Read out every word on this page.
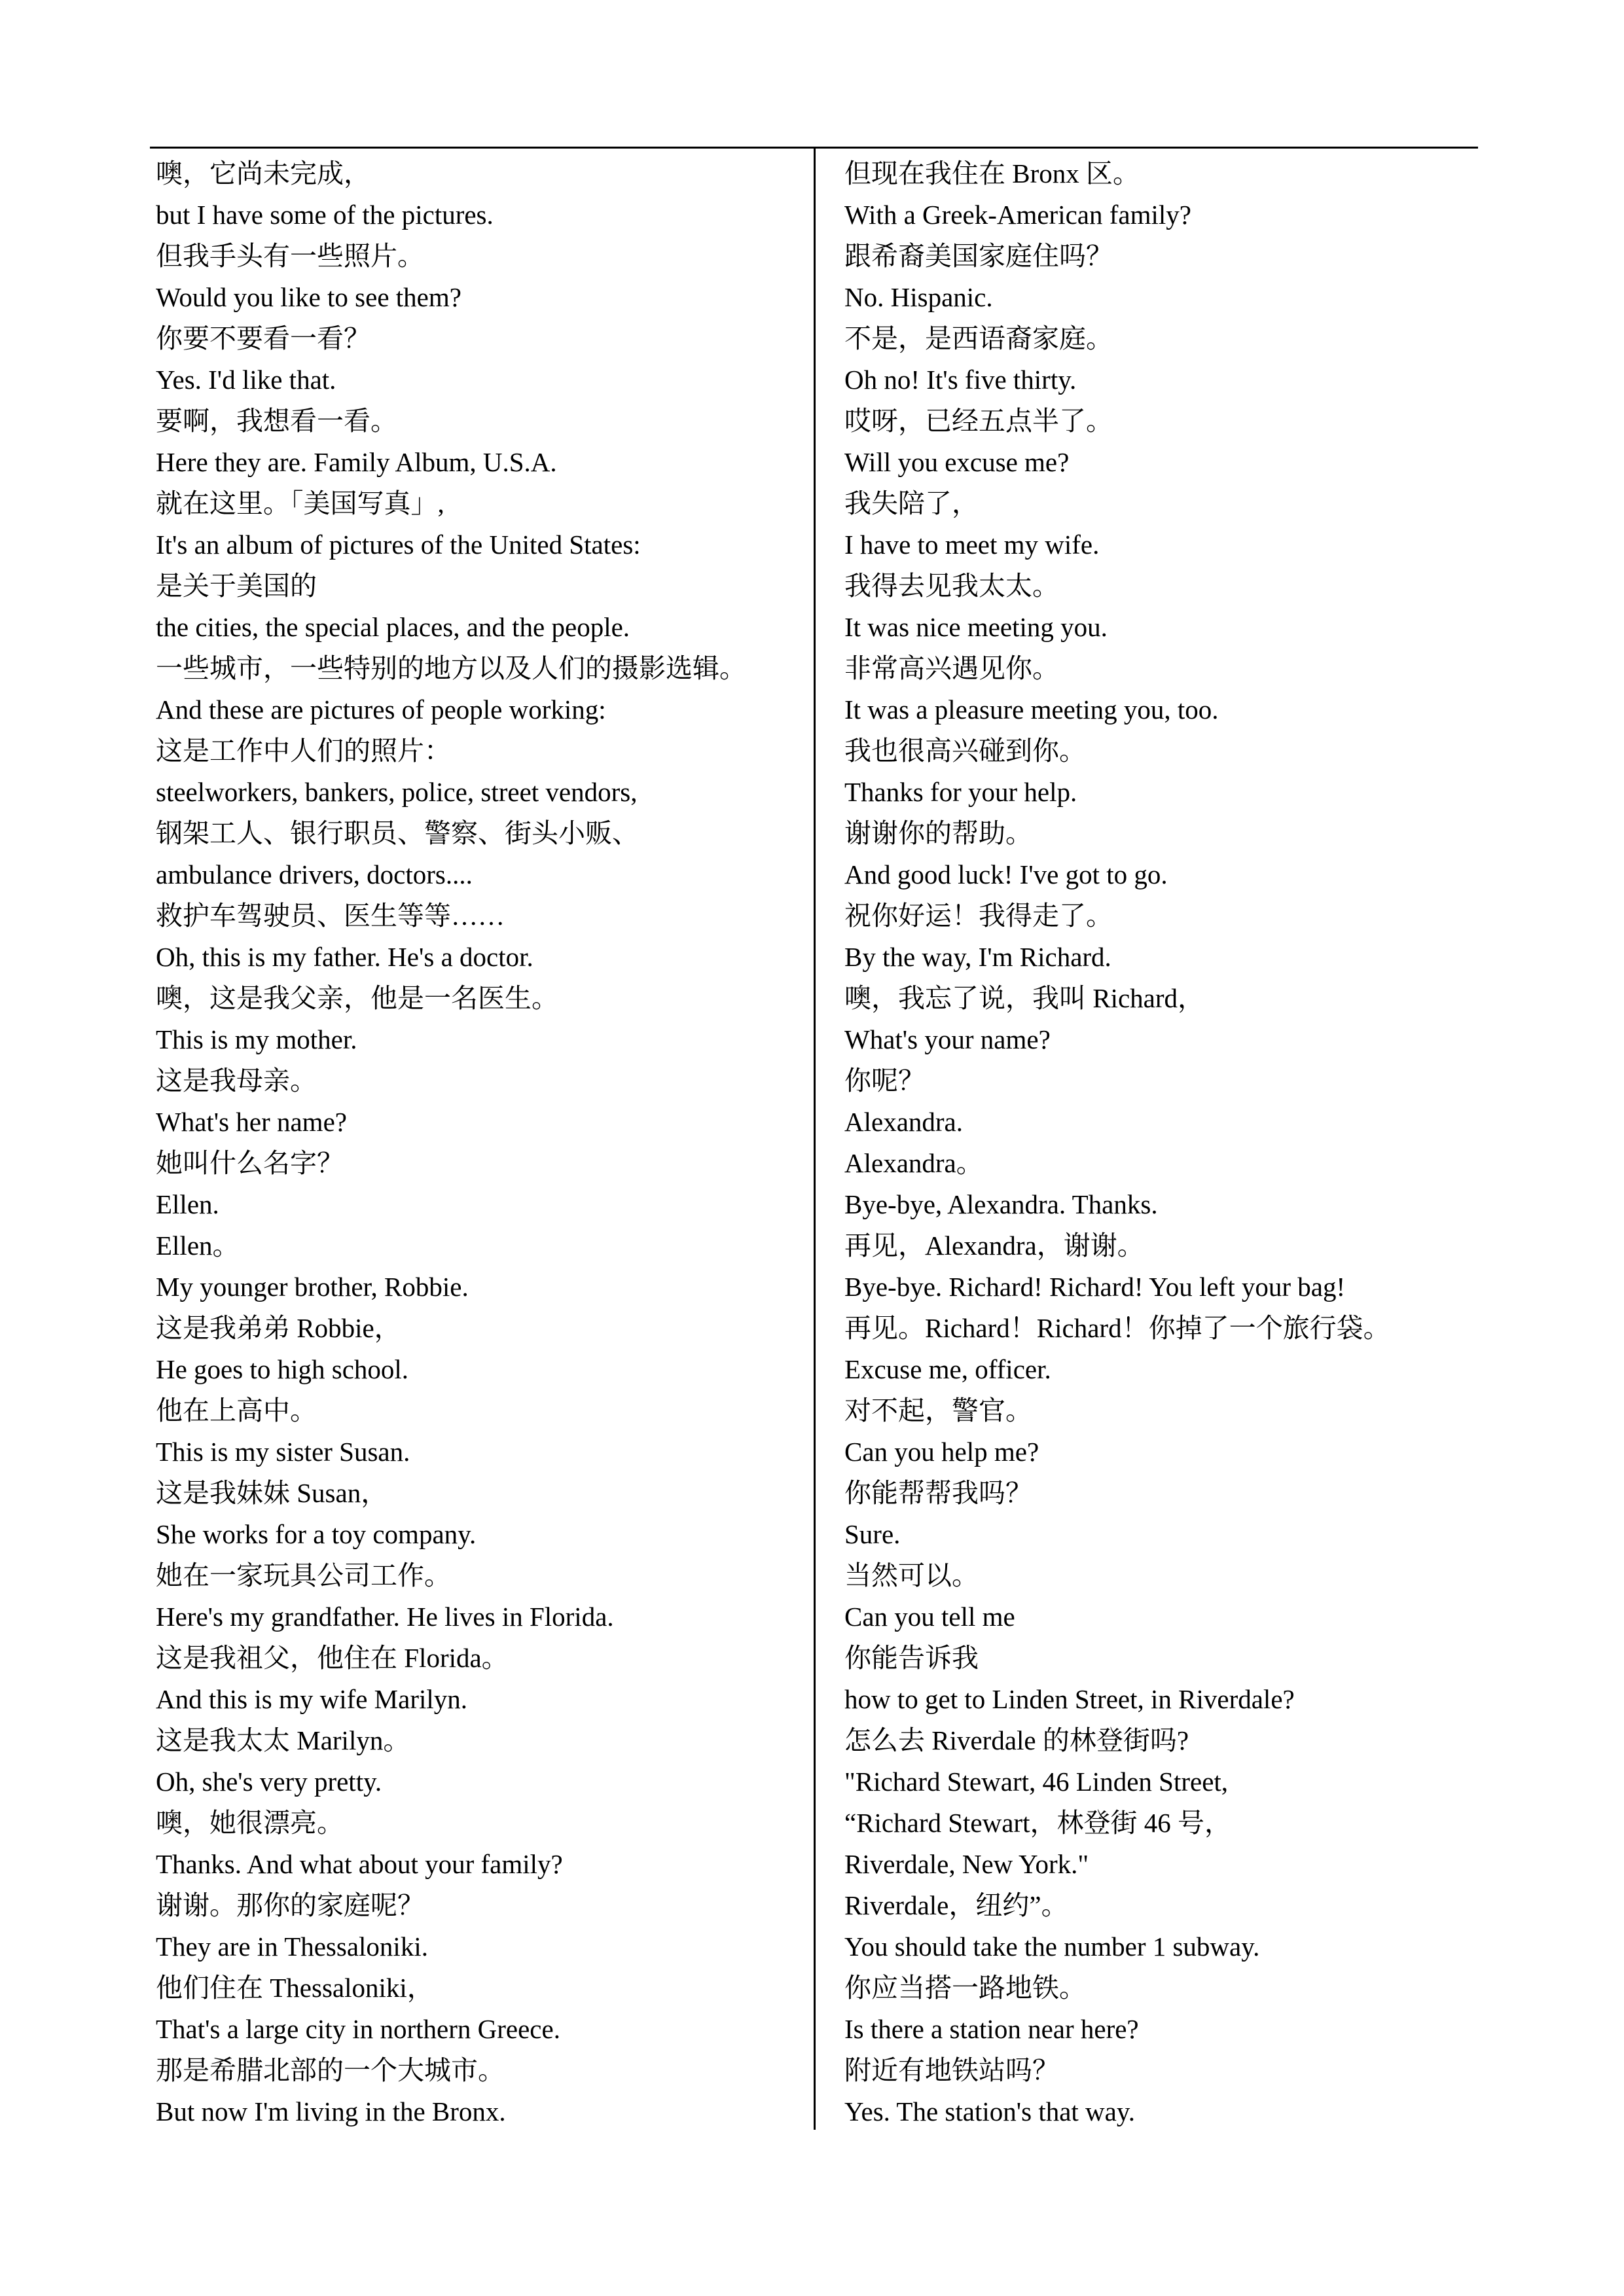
噢，它尚未完成，
but I have some of the pictures.
但我手头有一些照片。
Would you like to see them?
你要不要看一看？
Yes. I'd like that.
要啊，我想看一看。
Here they are. Family Album, U.S.A.
就在这里。「美国写真」,
It's an album of pictures of the United States:
是关于美国的
the cities, the special places, and the people.
一些城市，一些特别的地方以及人们的摄影选辑。
And these are pictures of people working:
这是工作中人们的照片：
steelworkers, bankers, police, street vendors,
钢架工人、银行职员、警察、街头小贩、
ambulance drivers, doctors....
救护车驾驶员、医生等等……
Oh, this is my father. He's a doctor.
噢，这是我父亲，他是一名医生。
This is my mother.
这是我母亲。
What's her name?
她叫什么名字？
Ellen.
Ellen。
My younger brother, Robbie.
这是我弟弟 Robbie，
He goes to high school.
他在上高中。
This is my sister Susan.
这是我妹妹 Susan，
She works for a toy company.
她在一家玩具公司工作。
Here's my grandfather. He lives in Florida.
这是我祖父，他住在 Florida。
And this is my wife Marilyn.
这是我太太 Marilyn。
Oh, she's very pretty.
噢，她很漂亮。
Thanks. And what about your family?
谢谢。那你的家庭呢？
They are in Thessaloniki.
他们住在 Thessaloniki，
That's a large city in northern Greece.
那是希腊北部的一个大城市。
But now I'm living in the Bronx.
但现在我住在 Bronx 区。
With a Greek-American family?
跟希裔美国家庭住吗？
No. Hispanic.
不是，是西语裔家庭。
Oh no! It's five thirty.
哎呀，已经五点半了。
Will you excuse me?
我失陪了，
I have to meet my wife.
我得去见我太太。
It was nice meeting you.
非常高兴遇见你。
It was a pleasure meeting you, too.
我也很高兴碰到你。
Thanks for your help.
谢谢你的帮助。
And good luck! I've got to go.
祝你好运！我得走了。
By the way, I'm Richard.
噢，我忘了说，我叫 Richard，
What's your name?
你呢？
Alexandra.
Alexandra。
Bye-bye, Alexandra. Thanks.
再见，Alexandra，谢谢。
Bye-bye. Richard! Richard! You left your bag!
再见。Richard！Richard！你掉了一个旅行袋。
Excuse me, officer.
对不起，警官。
Can you help me?
你能帮帮我吗？
Sure.
当然可以。
Can you tell me
你能告诉我
how to get to Linden Street, in Riverdale?
怎么去 Riverdale 的林登街吗?
"Richard Stewart, 46 Linden Street,
“Richard Stewart，林登街 46 号，
Riverdale, New York."
Riverdale，纽约”。
You should take the number 1 subway.
你应当搭一路地铁。
Is there a station near here?
附近有地铁站吗？
Yes. The station's that way.
